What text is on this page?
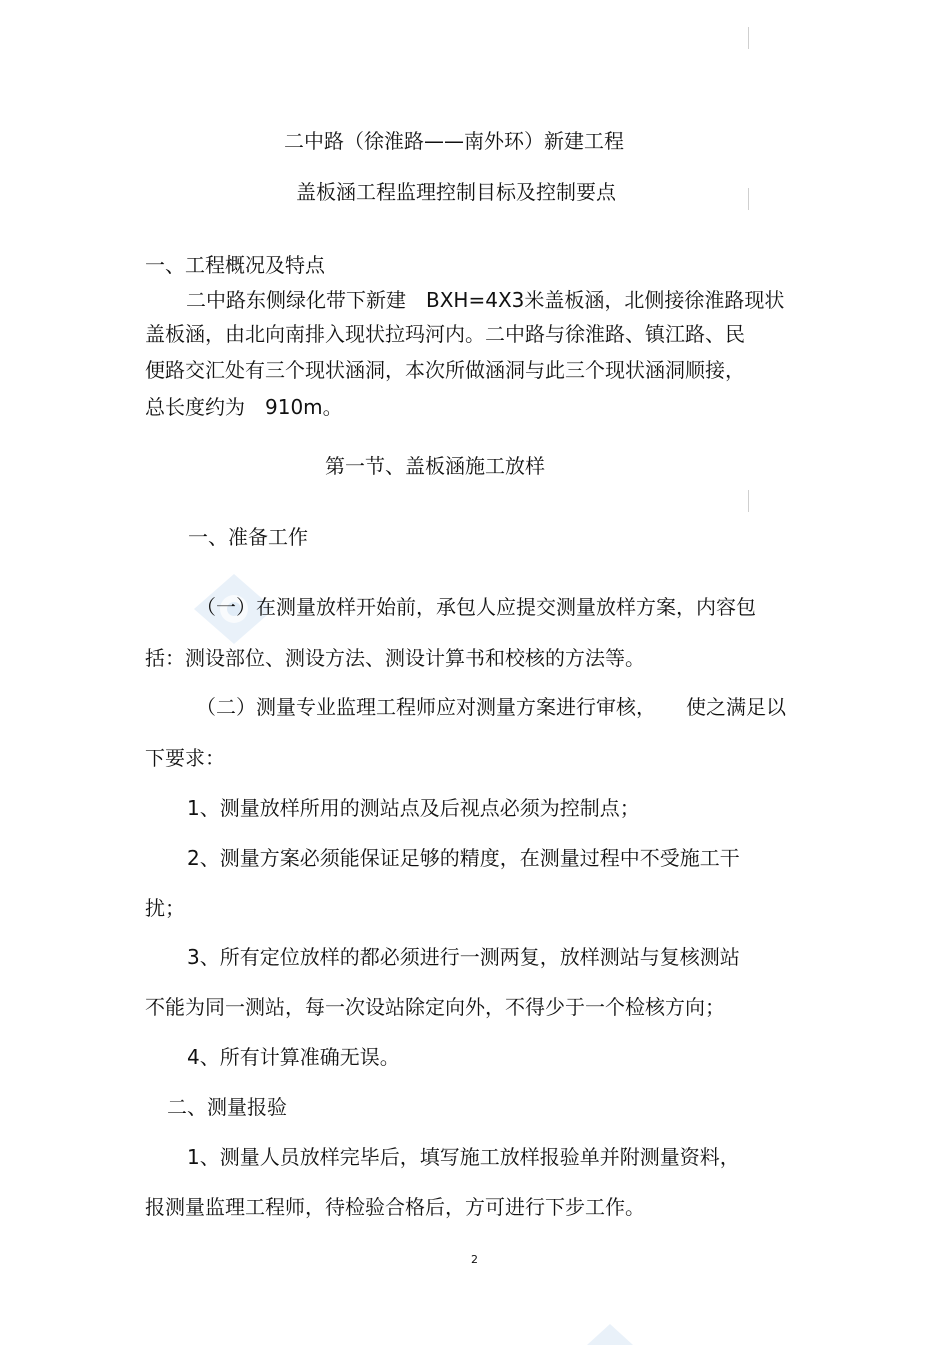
二中路（徐淮路——南外环）新建工程
盖板涵工程监理控制目标及控制要点
一、工程概况及特点
二中路东侧绿化带下新建　BXH=4X3米盖板涵，北侧接徐淮路现状
盖板涵，由北向南排入现状拉玛河内。二中路与徐淮路、镇江路、民
便路交汇处有三个现状涵洞，本次所做涵洞与此三个现状涵洞顺接，
总长度约为　910m。
第一节、盖板涵施工放样
一、准备工作
（一）在测量放样开始前，承包人应提交测量放样方案，内容包
括：测设部位、测设方法、测设计算书和校核的方法等。
（二）测量专业监理工程师应对测量方案进行审核，　　使之满足以
下要求：
1、测量放样所用的测站点及后视点必须为控制点；
2、测量方案必须能保证足够的精度，在测量过程中不受施工干
扰；
3、所有定位放样的都必须进行一测两复，放样测站与复核测站
不能为同一测站，每一次设站除定向外，不得少于一个检核方向；
4、所有计算准确无误。
二、测量报验
1、测量人员放样完毕后，填写施工放样报验单并附测量资料，
报测量监理工程师，待检验合格后，方可进行下步工作。
2
